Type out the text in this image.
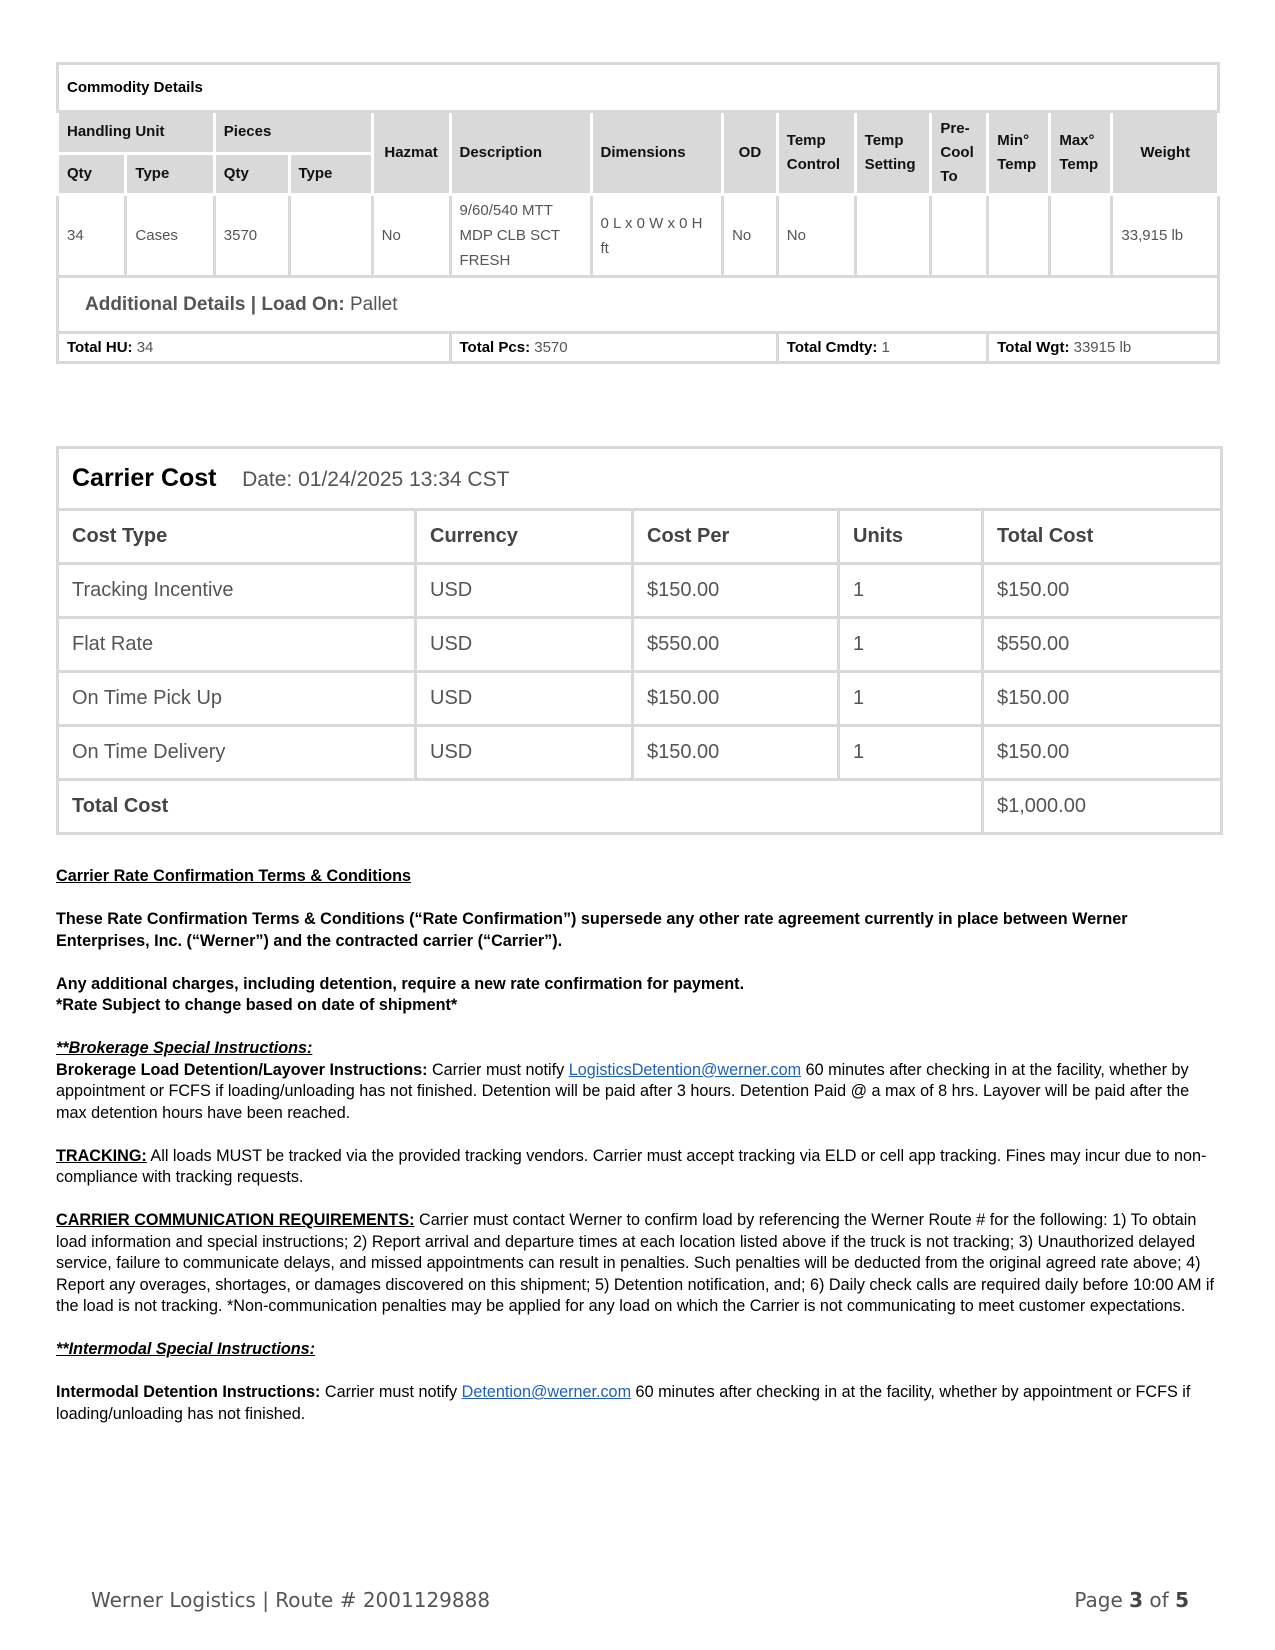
Commodity Details													
Handling Unit		Pieces		Hazmat	Description	Dimensions	OD	Temp Control	Temp Setting	Pre-Cool To	Min° Temp	Max° Temp	Weight
Qty	Type	Qty	Type										
34	Cases	3570		No	9/60/540 MTT MDP CLB SCT FRESH	0 L x 0 W x 0 H ft	No	No					33,915 lb
Additional Details | Load On: Pallet													
Total HU: 34					Total Pcs: 3570			Total Cmdty: 1			Total Wgt: 33915 lb		
Carrier Cost Date: 01/24/2025 13:34 CST				
Cost Type	Currency	Cost Per	Units	Total Cost
Tracking Incentive	USD	$150.00	1	$150.00
Flat Rate	USD	$550.00	1	$550.00
On Time Pick Up	USD	$150.00	1	$150.00
On Time Delivery	USD	$150.00	1	$150.00
Total Cost				$1,000.00

Carrier Rate Confirmation Terms & Conditions

These Rate Confirmation Terms & Conditions (“Rate Confirmation”) supersede any other rate agreement currently in place between Werner Enterprises, Inc. (“Werner”) and the contracted carrier (“Carrier”).

Any additional charges, including detention, require a new rate confirmation for payment.

*Rate Subject to change based on date of shipment*

**Brokerage Special Instructions:

Brokerage Load Detention/Layover Instructions: Carrier must notify LogisticsDetention@werner.com 60 minutes after checking in at the facility, whether by appointment or FCFS if loading/unloading has not finished. Detention will be paid after 3 hours. Detention Paid @ a max of 8 hrs. Layover will be paid after the max detention hours have been reached.

TRACKING: All loads MUST be tracked via the provided tracking vendors. Carrier must accept tracking via ELD or cell app tracking. Fines may incur due to non-compliance with tracking requests.

CARRIER COMMUNICATION REQUIREMENTS: Carrier must contact Werner to confirm load by referencing the Werner Route # for the following: 1) To obtain load information and special instructions; 2) Report arrival and departure times at each location listed above if the truck is not tracking; 3) Unauthorized delayed service, failure to communicate delays, and missed appointments can result in penalties. Such penalties will be deducted from the original agreed rate above; 4) Report any overages, shortages, or damages discovered on this shipment; 5) Detention notification, and; 6) Daily check calls are required daily before 10:00 AM if the load is not tracking. *Non-communication penalties may be applied for any load on which the Carrier is not communicating to meet customer expectations.

**Intermodal Special Instructions:

Intermodal Detention Instructions: Carrier must notify Detention@werner.com 60 minutes after checking in at the facility, whether by appointment or FCFS if loading/unloading has not finished.

Werner Logistics | Route # 2001129888	Page 3 of 5
